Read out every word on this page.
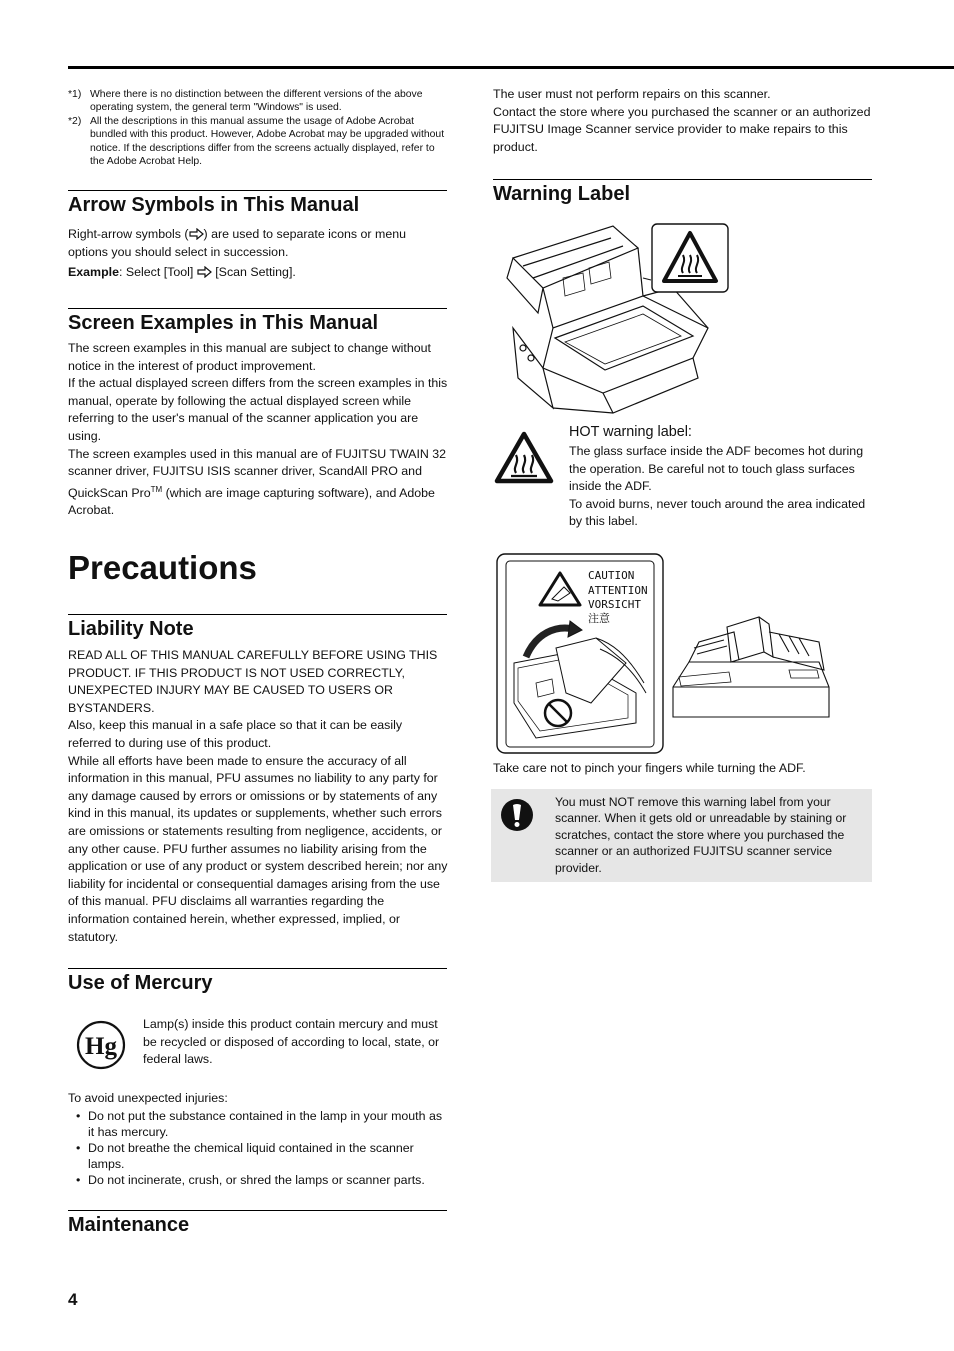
*1) Where there is no distinction between the different versions of the above operating system, the general term "Windows" is used.
*2) All the descriptions in this manual assume the usage of Adobe Acrobat bundled with this product. However, Adobe Acrobat may be upgraded without notice. If the descriptions differ from the screens actually displayed, refer to the Adobe Acrobat Help.
Arrow Symbols in This Manual

Right-arrow symbols ( ) are used to separate icons or menu options you should select in succession.

Example: Select [Tool]  [Scan Setting].

Screen Examples in This Manual

The screen examples in this manual are subject to change without notice in the interest of product improvement.

If the actual displayed screen differs from the screen examples in this manual, operate by following the actual displayed screen while referring to the user's manual of the scanner application you are using.

The screen examples used in this manual are of FUJITSU TWAIN 32 scanner driver, FUJITSU ISIS scanner driver, ScandAll PRO and QuickScan Pro™ (which are image capturing software), and Adobe Acrobat.

Precautions
Liability Note

READ ALL OF THIS MANUAL CAREFULLY BEFORE USING THIS PRODUCT. IF THIS PRODUCT IS NOT USED CORRECTLY, UNEXPECTED INJURY MAY BE CAUSED TO USERS OR BYSTANDERS.

Also, keep this manual in a safe place so that it can be easily referred to during use of this product.

While all efforts have been made to ensure the accuracy of all information in this manual, PFU assumes no liability to any party for any damage caused by errors or omissions or by statements of any kind in this manual, its updates or supplements, whether such errors are omissions or statements resulting from negligence, accidents, or any other cause. PFU further assumes no liability arising from the application or use of any product or system described herein; nor any liability for incidental or consequential damages arising from the use of this manual. PFU disclaims all warranties regarding the information contained herein, whether expressed, implied, or statutory.

Use of Mercury
Hg
Lamp(s) inside this product contain mercury and must be recycled or disposed of according to local, state, or federal laws.
To avoid unexpected injuries:
• Do not put the substance contained in the lamp in your mouth as it has mercury.
• Do not breathe the chemical liquid contained in the scanner lamps.
• Do not incinerate, crush, or shred the lamps or scanner parts.
Maintenance
4

The user must not perform repairs on this scanner.

Contact the store where you purchased the scanner or an authorized FUJITSU Image Scanner service provider to make repairs to this product.

Warning Label
HOT warning label:

The glass surface inside the ADF becomes hot during the operation. Be careful not to touch glass surfaces inside the ADF.

To avoid burns, never touch around the area indicated by this label.

CAUTION
ATTENTION
VORSICHT
注意
Take care not to pinch your fingers while turning the ADF.
You must NOT remove this warning label from your scanner. When it gets old or unreadable by staining or scratches, contact the store where you purchased the scanner or an authorized FUJITSU scanner service provider.
